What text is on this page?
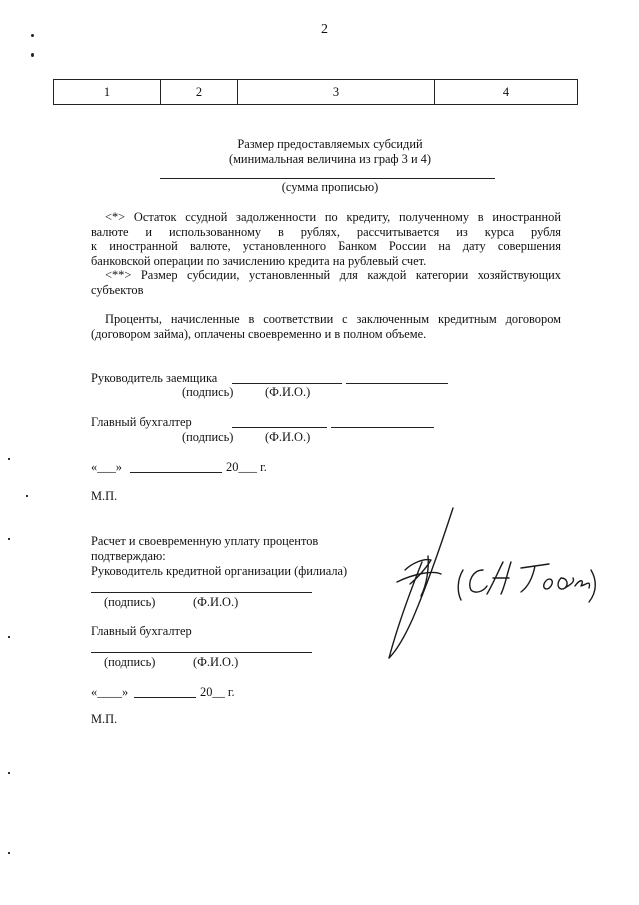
2
1	2	3	4
Размер предоставляемых субсидий
(минимальная величина из граф 3 и 4)
(сумма прописью)
<*> Остаток ссудной задолженности по кредиту, полученному в иностранной
валюте и использованному в рублях, рассчитывается из курса рубля
к иностранной валюте, установленного Банком России на дату совершения
банковской операции по зачислению кредита на рублевый счет.
<**> Размер субсидии, установленный для каждой категории хозяйствующих
субъектов
Проценты, начисленные в соответствии с заключенным кредитным договором
(договором займа), оплачены своевременно и в полном объеме.
Руководитель заемщика
(подпись)	(Ф.И.О.)
Главный бухгалтер
(подпись)	(Ф.И.О.)
«___»	20___ г.
М.П.
Расчет и своевременную уплату процентов
подтверждаю:
Руководитель кредитной организации (филиала)
(подпись)	(Ф.И.О.)
Главный бухгалтер
(подпись)	(Ф.И.О.)
«____»	20__ г.
М.П.
